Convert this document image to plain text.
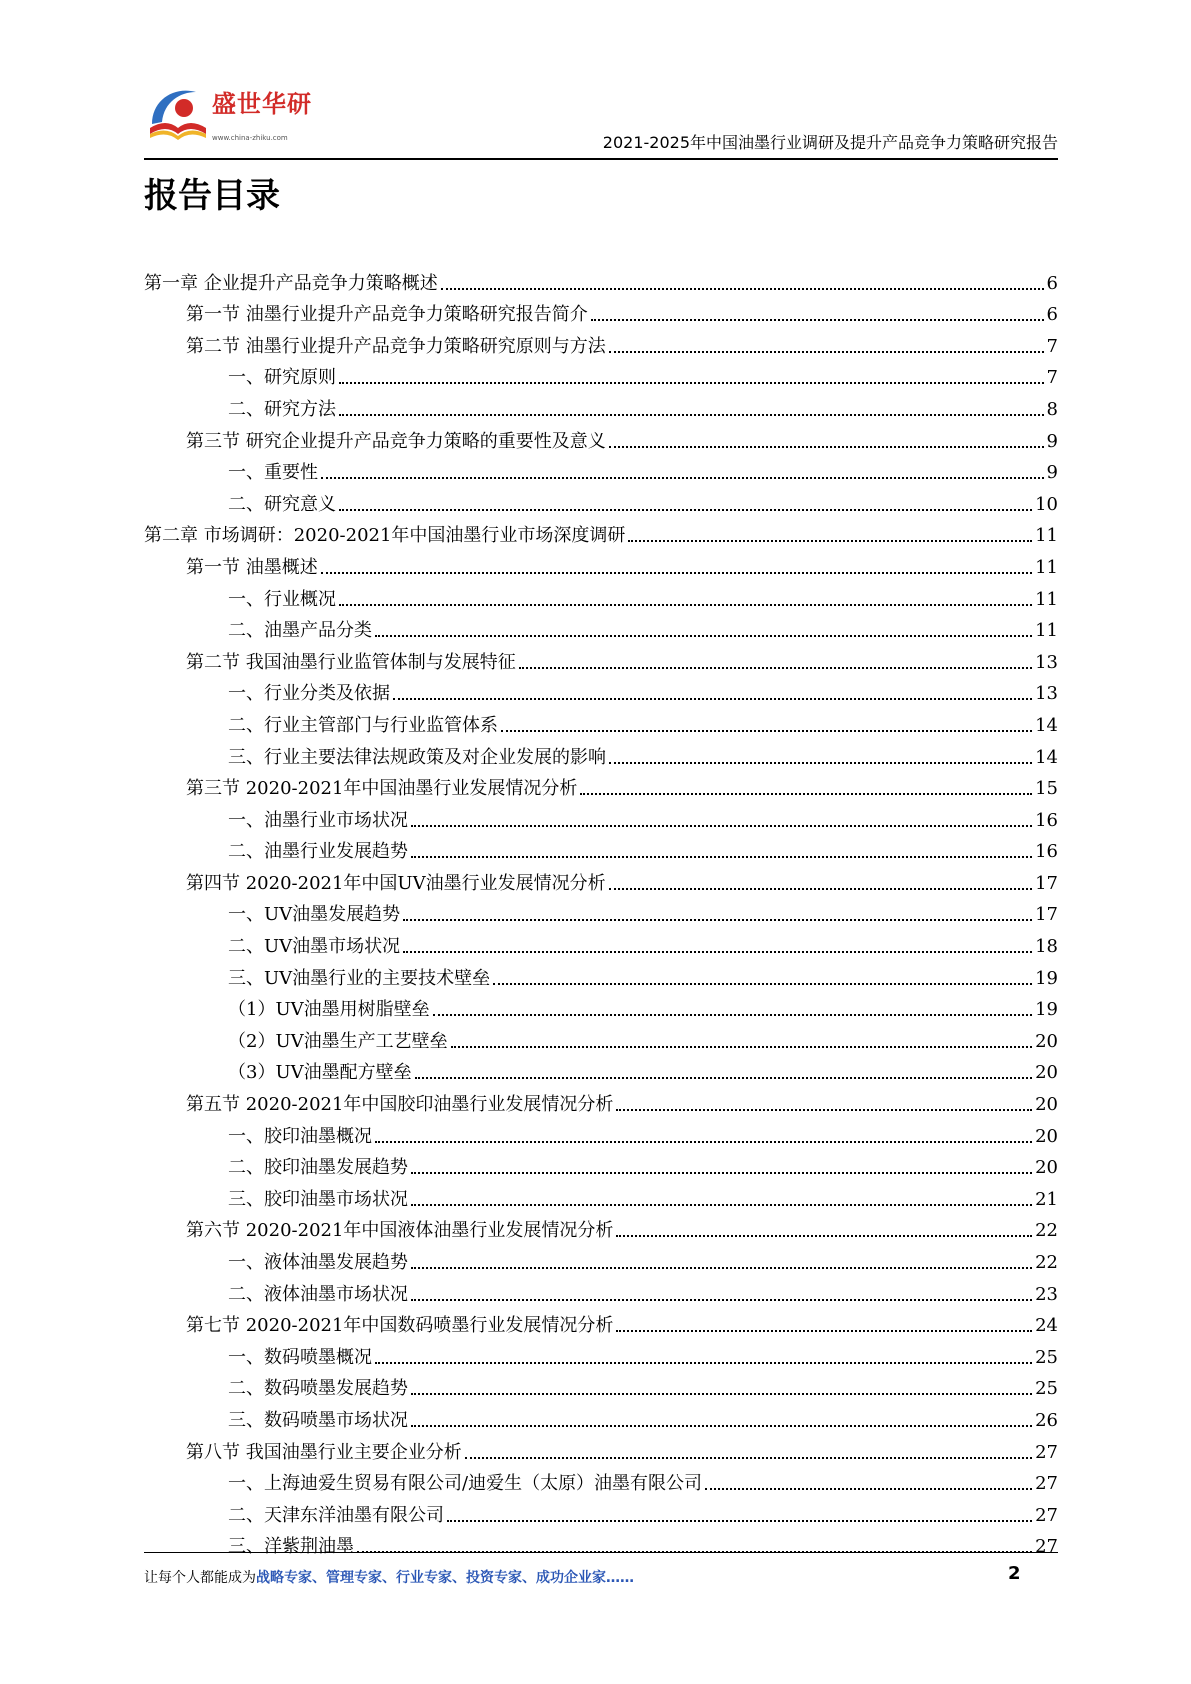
盛世华研
www.china-zhiku.com	2021-2025年中国油墨行业调研及提升产品竞争力策略研究报告
报告目录
第一章 企业提升产品竞争力策略概述	6
第一节 油墨行业提升产品竞争力策略研究报告简介	6
第二节 油墨行业提升产品竞争力策略研究原则与方法	7
一、研究原则	7
二、研究方法	8
第三节 研究企业提升产品竞争力策略的重要性及意义	9
一、重要性	9
二、研究意义	10
第二章 市场调研：2020-2021年中国油墨行业市场深度调研	11
第一节 油墨概述	11
一、行业概况	11
二、油墨产品分类	11
第二节 我国油墨行业监管体制与发展特征	13
一、行业分类及依据	13
二、行业主管部门与行业监管体系	14
三、行业主要法律法规政策及对企业发展的影响	14
第三节 2020-2021年中国油墨行业发展情况分析	15
一、油墨行业市场状况	16
二、油墨行业发展趋势	16
第四节 2020-2021年中国UV油墨行业发展情况分析	17
一、UV油墨发展趋势	17
二、UV油墨市场状况	18
三、UV油墨行业的主要技术壁垒	19
（1）UV油墨用树脂壁垒	19
（2）UV油墨生产工艺壁垒	20
（3）UV油墨配方壁垒	20
第五节 2020-2021年中国胶印油墨行业发展情况分析	20
一、胶印油墨概况	20
二、胶印油墨发展趋势	20
三、胶印油墨市场状况	21
第六节 2020-2021年中国液体油墨行业发展情况分析	22
一、液体油墨发展趋势	22
二、液体油墨市场状况	23
第七节 2020-2021年中国数码喷墨行业发展情况分析	24
一、数码喷墨概况	25
二、数码喷墨发展趋势	25
三、数码喷墨市场状况	26
第八节 我国油墨行业主要企业分析	27
一、上海迪爱生贸易有限公司/迪爱生（太原）油墨有限公司	27
二、天津东洋油墨有限公司	27
三、洋紫荆油墨	27
让每个人都能成为战略专家、管理专家、行业专家、投资专家、成功企业家……	2
